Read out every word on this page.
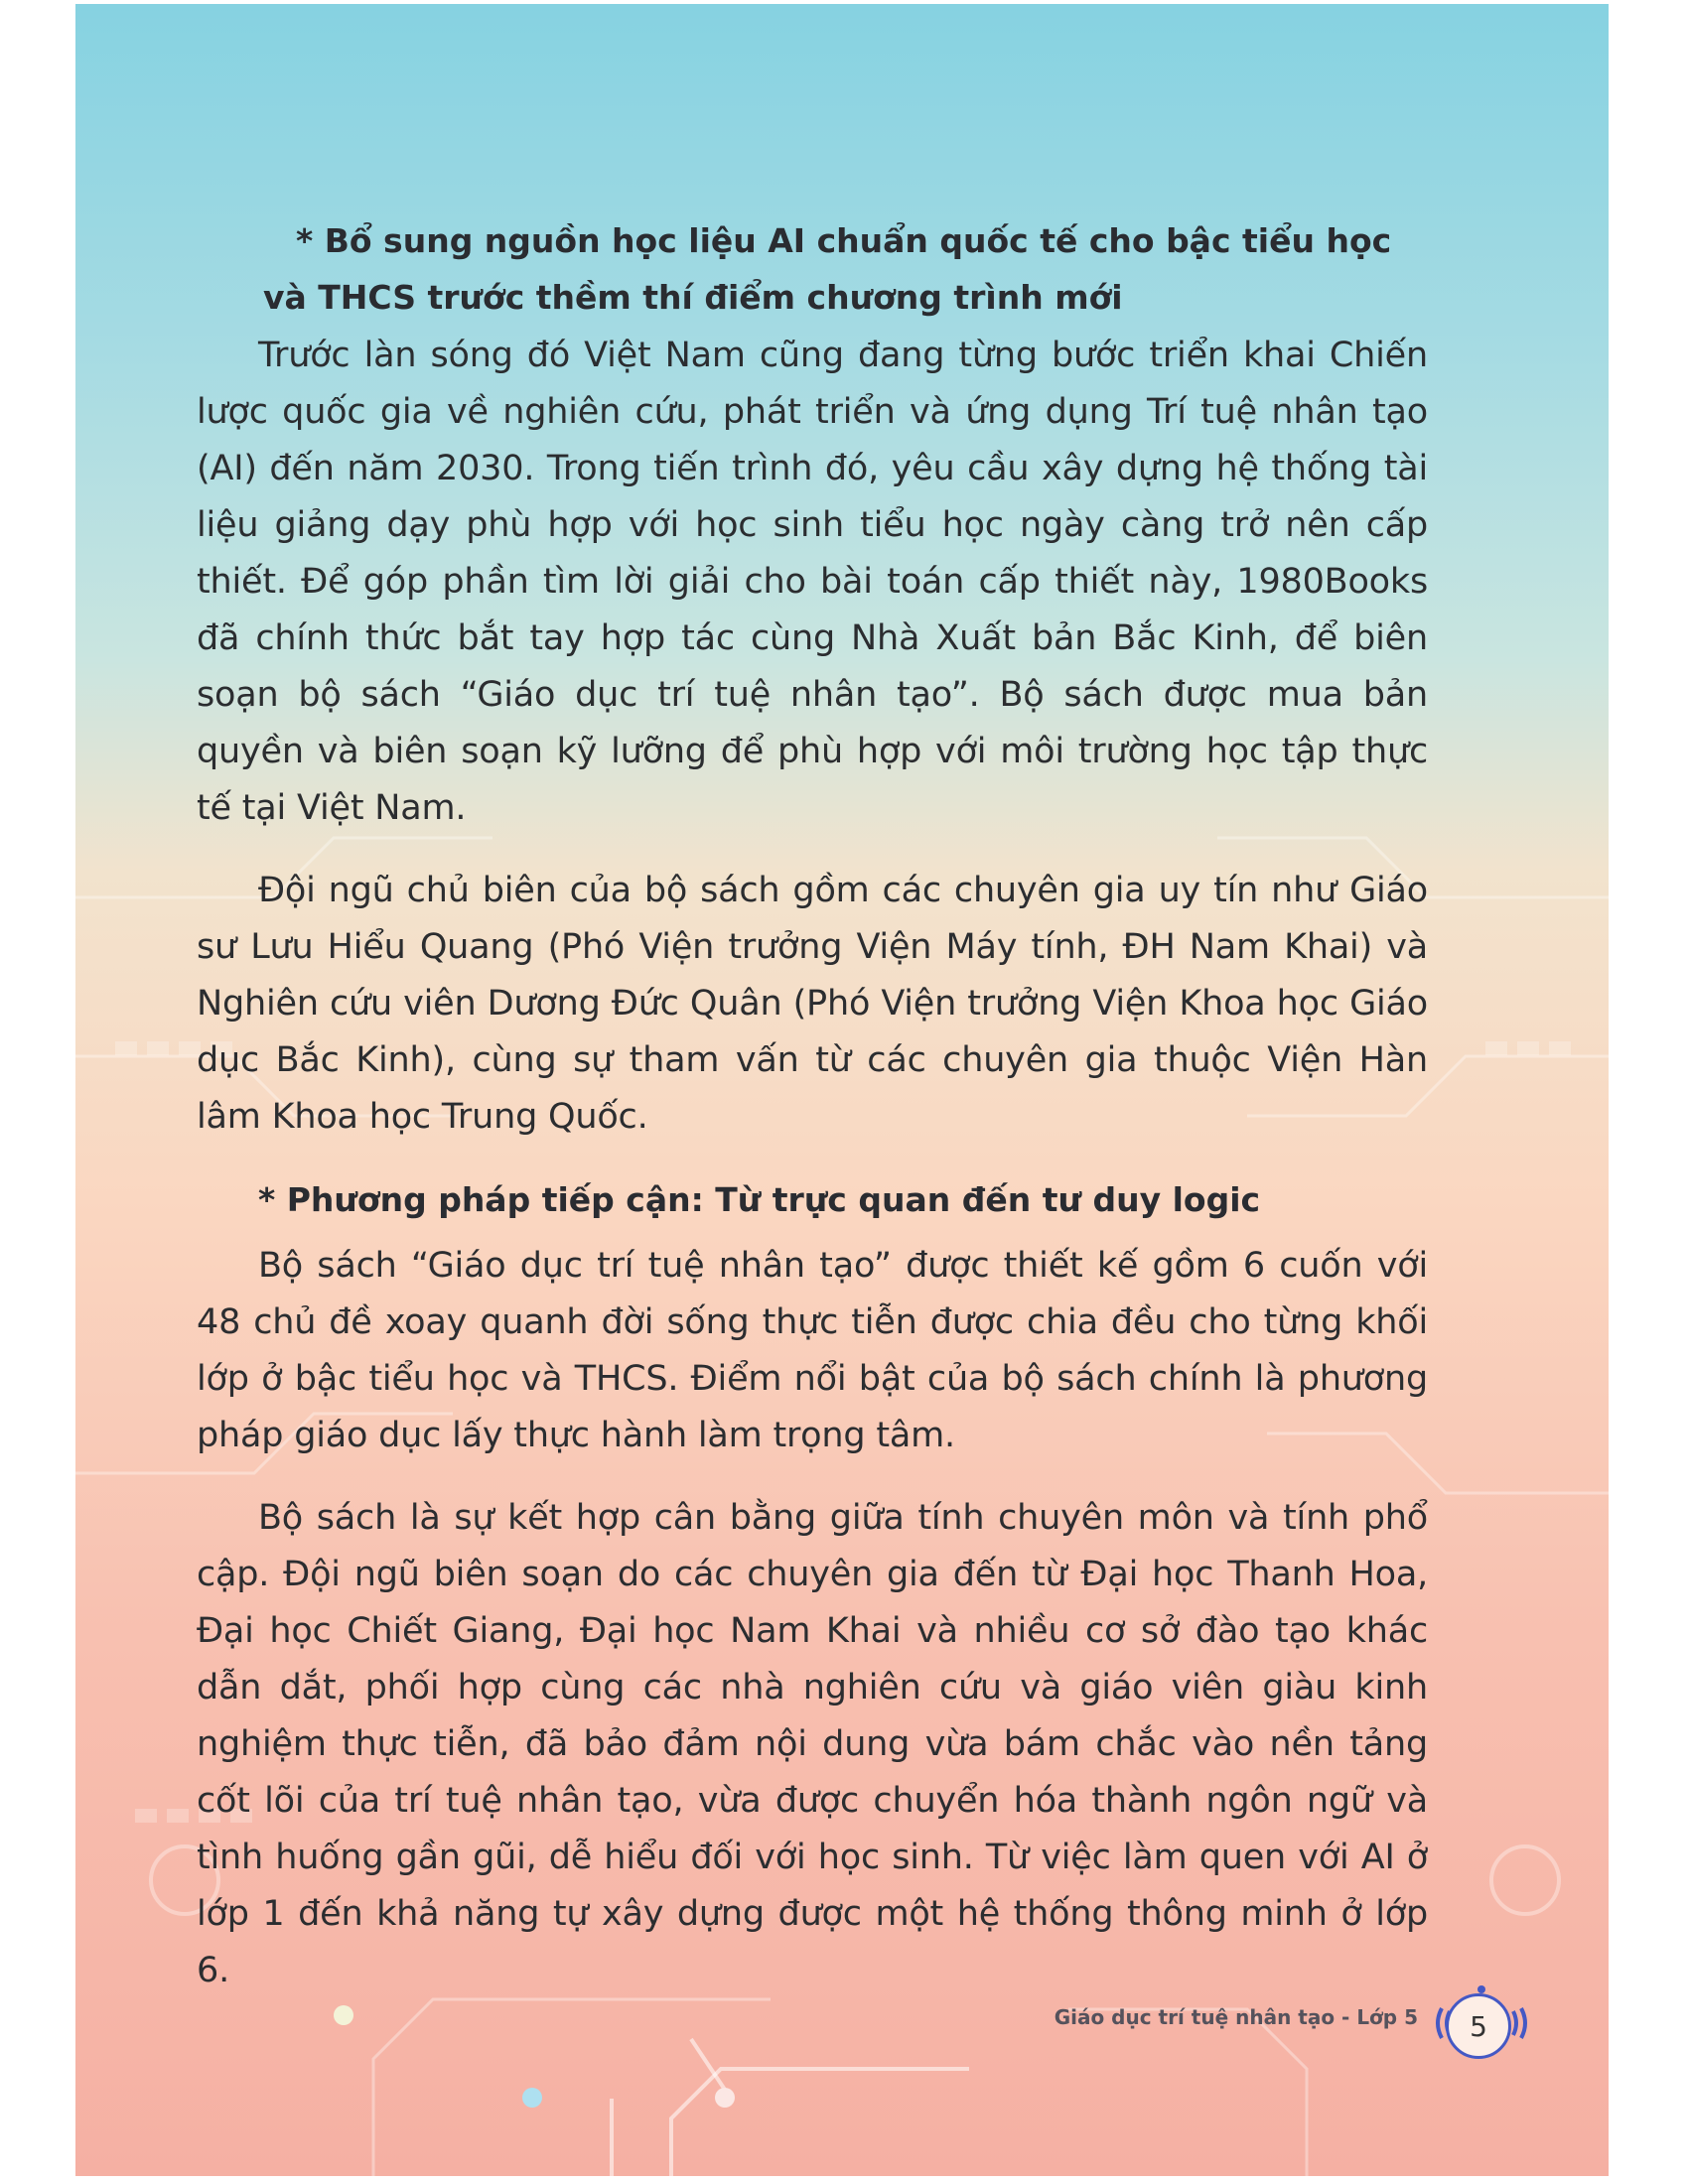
* Bổ sung nguồn học liệu AI chuẩn quốc tế cho bậc tiểu học
và THCS trước thềm thí điểm chương trình mới

Trước làn sóng đó Việt Nam cũng đang từng bước triển khai Chiến lược quốc gia về nghiên cứu, phát triển và ứng dụng Trí tuệ nhân tạo (AI) đến năm 2030. Trong tiến trình đó, yêu cầu xây dựng hệ thống tài liệu giảng dạy phù hợp với học sinh tiểu học ngày càng trở nên cấp thiết. Để góp phần tìm lời giải cho bài toán cấp thiết này, 1980Books đã chính thức bắt tay hợp tác cùng Nhà Xuất bản Bắc Kinh, để biên soạn bộ sách “Giáo dục trí tuệ nhân tạo”. Bộ sách được mua bản quyền và biên soạn kỹ lưỡng để phù hợp với môi trường học tập thực tế tại Việt Nam.

Đội ngũ chủ biên của bộ sách gồm các chuyên gia uy tín như Giáo sư Lưu Hiểu Quang (Phó Viện trưởng Viện Máy tính, ĐH Nam Khai) và Nghiên cứu viên Dương Đức Quân (Phó Viện trưởng Viện Khoa học Giáo dục Bắc Kinh), cùng sự tham vấn từ các chuyên gia thuộc Viện Hàn lâm Khoa học Trung Quốc.

* Phương pháp tiếp cận: Từ trực quan đến tư duy logic

Bộ sách “Giáo dục trí tuệ nhân tạo” được thiết kế gồm 6 cuốn với 48 chủ đề xoay quanh đời sống thực tiễn được chia đều cho từng khối lớp ở bậc tiểu học và THCS. Điểm nổi bật của bộ sách chính là phương pháp giáo dục lấy thực hành làm trọng tâm.

Bộ sách là sự kết hợp cân bằng giữa tính chuyên môn và tính phổ cập. Đội ngũ biên soạn do các chuyên gia đến từ Đại học Thanh Hoa, Đại học Chiết Giang, Đại học Nam Khai và nhiều cơ sở đào tạo khác dẫn dắt, phối hợp cùng các nhà nghiên cứu và giáo viên giàu kinh nghiệm thực tiễn, đã bảo đảm nội dung vừa bám chắc vào nền tảng cốt lõi của trí tuệ nhân tạo, vừa được chuyển hóa thành ngôn ngữ và tình huống gần gũi, dễ hiểu đối với học sinh. Từ việc làm quen với AI ở lớp 1 đến khả năng tự xây dựng được một hệ thống thông minh ở lớp 6.

Giáo dục trí tuệ nhân tạo - Lớp 5 5
